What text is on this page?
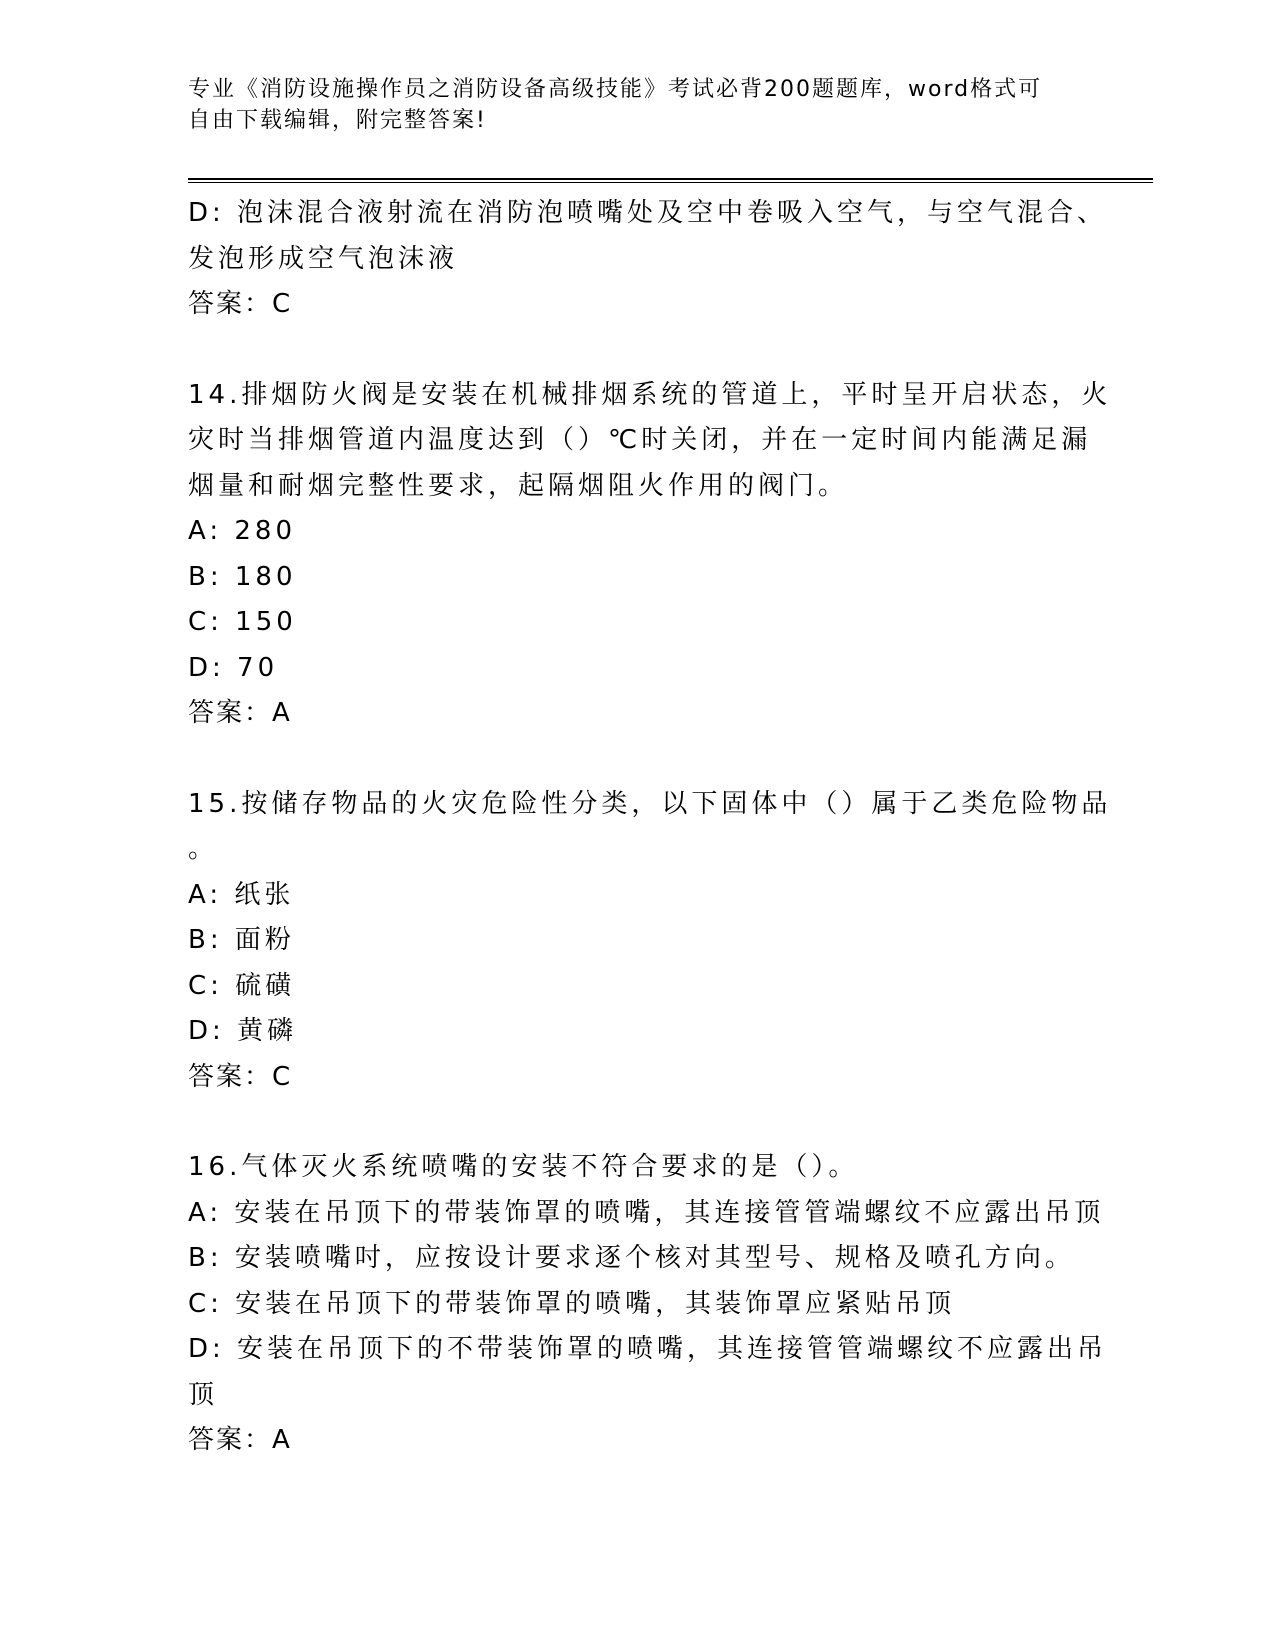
专业《消防设施操作员之消防设备高级技能》考试必背200题题库，word格式可
自由下载编辑，附完整答案!
D: 泡沫混合液射流在消防泡喷嘴处及空中卷吸入空气，与空气混合、
发泡形成空气泡沫液
答案：C
14.排烟防火阀是安装在机械排烟系统的管道上，平时呈开启状态，火
灾时当排烟管道内温度达到（）℃时关闭，并在一定时间内能满足漏
烟量和耐烟完整性要求，起隔烟阻火作用的阀门。
A: 280
B: 180
C: 150
D: 70
答案：A
15.按储存物品的火灾危险性分类，以下固体中（）属于乙类危险物品
。
A: 纸张
B: 面粉
C: 硫磺
D: 黄磷
答案：C
16.气体灭火系统喷嘴的安装不符合要求的是（）。
A: 安装在吊顶下的带装饰罩的喷嘴，其连接管管端螺纹不应露出吊顶
B: 安装喷嘴吋，应按设计要求逐个核对其型号、规格及喷孔方向。
C: 安装在吊顶下的带装饰罩的喷嘴，其装饰罩应紧贴吊顶
D: 安装在吊顶下的不带装饰罩的喷嘴，其连接管管端螺纹不应露出吊
顶
答案：A
